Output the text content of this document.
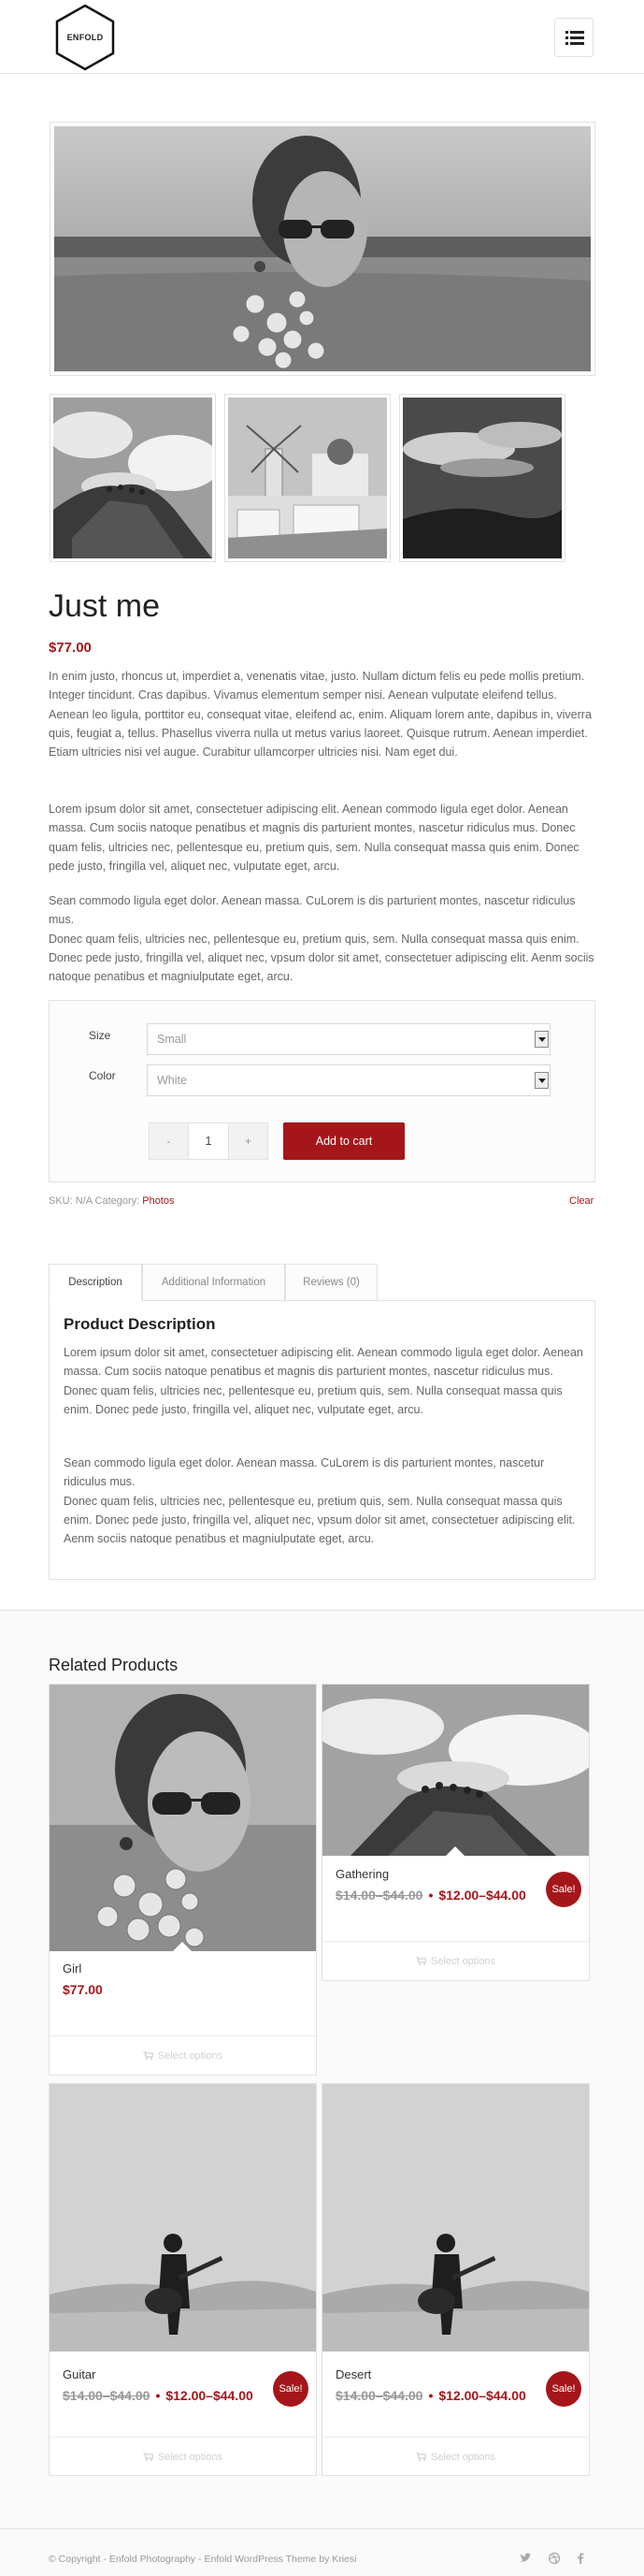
ENFOLD
Just me
$77.00

In enim justo, rhoncus ut, imperdiet a, venenatis vitae, justo. Nullam dictum felis eu pede mollis pretium. Integer tincidunt. Cras dapibus. Vivamus elementum semper nisi. Aenean vulputate eleifend tellus. Aenean leo ligula, porttitor eu, consequat vitae, eleifend ac, enim. Aliquam lorem ante, dapibus in, viverra quis, feugiat a, tellus. Phasellus viverra nulla ut metus varius laoreet. Quisque rutrum. Aenean imperdiet. Etiam ultricies nisi vel augue. Curabitur ullamcorper ultricies nisi. Nam eget dui.

Lorem ipsum dolor sit amet, consectetuer adipiscing elit. Aenean commodo ligula eget dolor. Aenean massa. Cum sociis natoque penatibus et magnis dis parturient montes, nascetur ridiculus mus. Donec quam felis, ultricies nec, pellentesque eu, pretium quis, sem. Nulla consequat massa quis enim. Donec pede justo, fringilla vel, aliquet nec, vulputate eget, arcu.

Sean commodo ligula eget dolor. Aenean massa. CuLorem is dis parturient montes, nascetur ridiculus mus.
Donec quam felis, ultricies nec, pellentesque eu, pretium quis, sem. Nulla consequat massa quis enim. Donec pede justo, fringilla vel, aliquet nec, vpsum dolor sit amet, consectetuer adipiscing elit. Aenm sociis natoque penatibus et magniulputate eget, arcu.

Size	Small
Color	White
-	1	+	Add to cart
SKU: N/A Category: Photos	Clear
Description	Additional Information	Reviews (0)
Product Description

Lorem ipsum dolor sit amet, consectetuer adipiscing elit. Aenean commodo ligula eget dolor. Aenean massa. Cum sociis natoque penatibus et magnis dis parturient montes, nascetur ridiculus mus. Donec quam felis, ultricies nec, pellentesque eu, pretium quis, sem. Nulla consequat massa quis enim. Donec pede justo, fringilla vel, aliquet nec, vulputate eget, arcu.

Sean commodo ligula eget dolor. Aenean massa. CuLorem is dis parturient montes, nascetur ridiculus mus.
Donec quam felis, ultricies nec, pellentesque eu, pretium quis, sem. Nulla consequat massa quis enim. Donec pede justo, fringilla vel, aliquet nec, vpsum dolor sit amet, consectetuer adipiscing elit. Aenm sociis natoque penatibus et magniulputate eget, arcu.

Related Products
Girl
$77.00
Select options
Gathering
$14.00–$44.00 • $12.00–$44.00	Sale!
Select options
Guitar
$14.00–$44.00 • $12.00–$44.00	Sale!
Select options
Desert
$14.00–$44.00 • $12.00–$44.00	Sale!
Select options
© Copyright - Enfold Photography - Enfold WordPress Theme by Kriesi
